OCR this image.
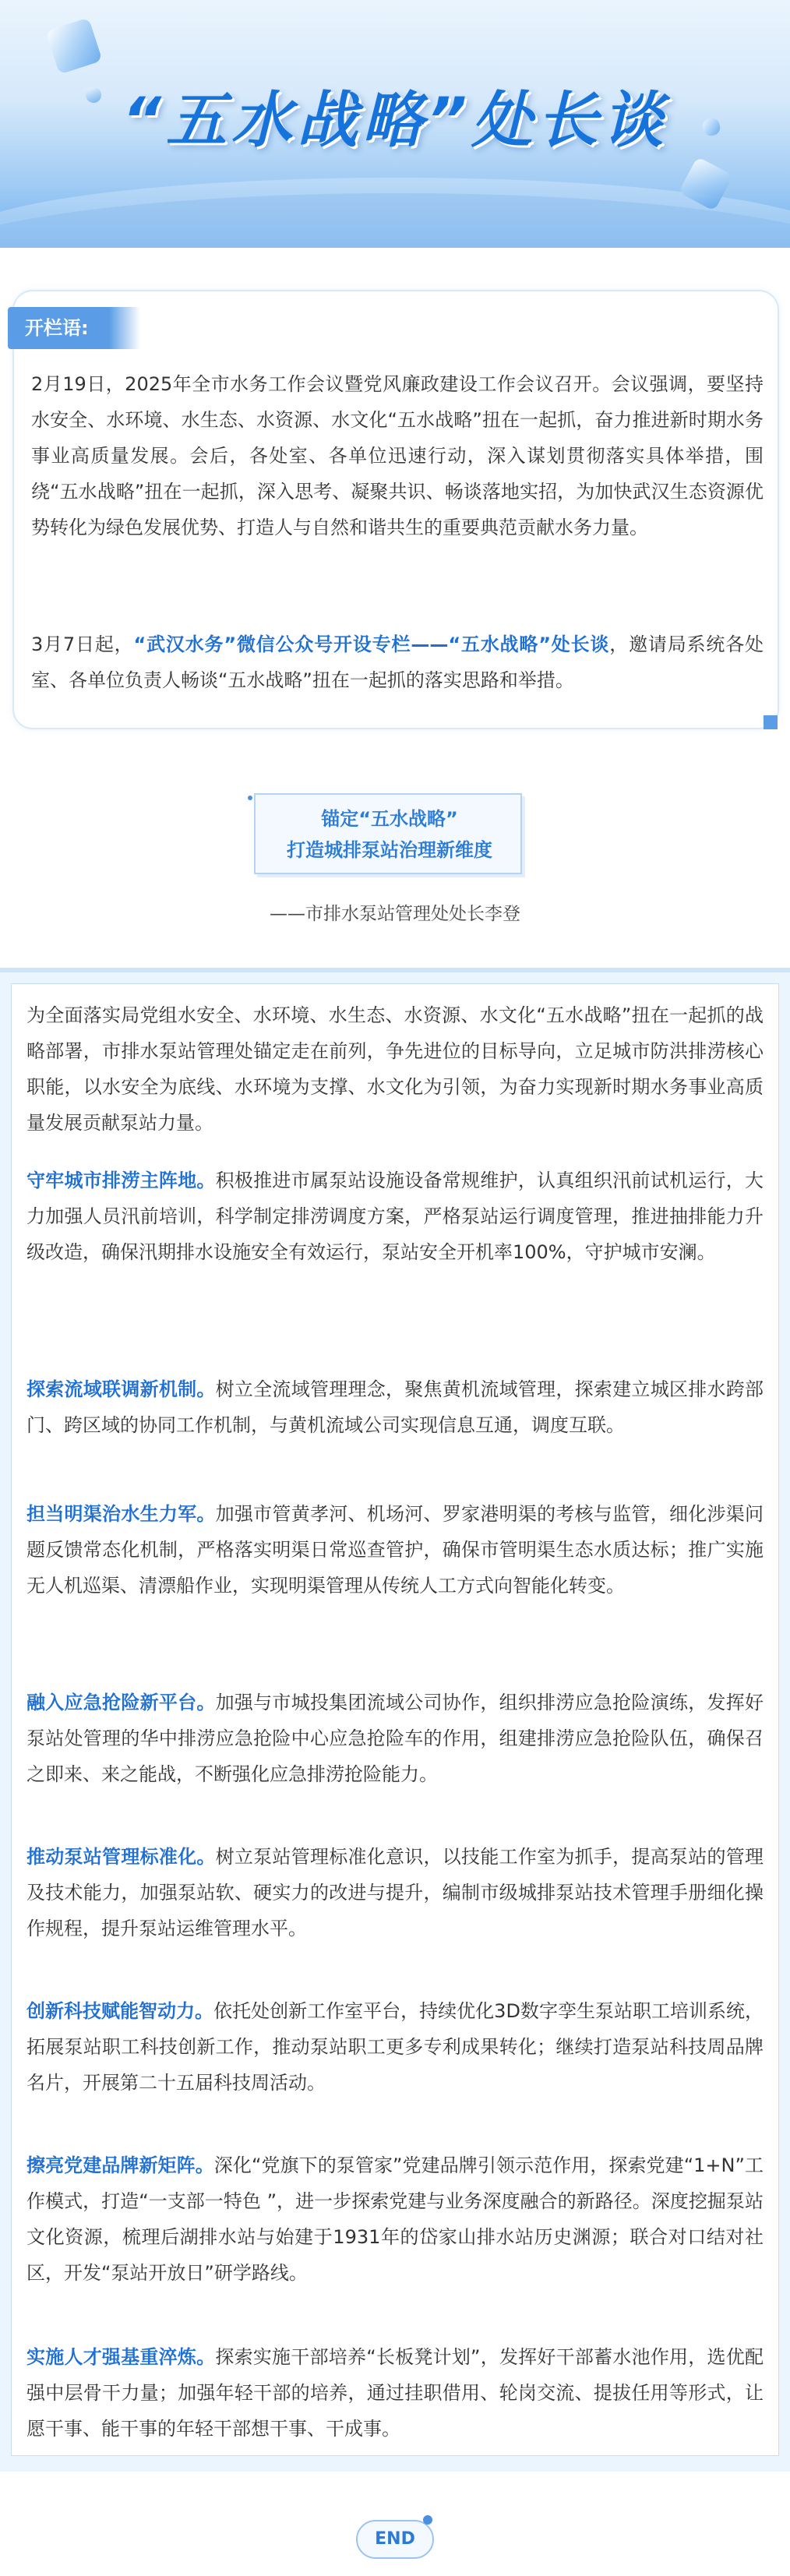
“五水战略”处长谈
开栏语:
2月19日，2025年全市水务工作会议暨党风廉政建设工作会议召开。会议强调，要坚持水安全、水环境、水生态、水资源、水文化“五水战略”扭在一起抓，奋力推进新时期水务事业高质量发展。会后，各处室、各单位迅速行动，深入谋划贯彻落实具体举措，围绕“五水战略”扭在一起抓，深入思考、凝聚共识、畅谈落地实招，为加快武汉生态资源优势转化为绿色发展优势、打造人与自然和谐共生的重要典范贡献水务力量。
3月7日起，“武汉水务”微信公众号开设专栏——“五水战略”处长谈，邀请局系统各处室、各单位负责人畅谈“五水战略”扭在一起抓的落实思路和举措。
锚定“五水战略”
打造城排泵站治理新维度
——市排水泵站管理处处长李登
为全面落实局党组水安全、水环境、水生态、水资源、水文化“五水战略”扭在一起抓的战略部署，市排水泵站管理处锚定走在前列，争先进位的目标导向，立足城市防洪排涝核心职能，以水安全为底线、水环境为支撑、水文化为引领，为奋力实现新时期水务事业高质量发展贡献泵站力量。
守牢城市排涝主阵地。积极推进市属泵站设施设备常规维护，认真组织汛前试机运行，大力加强人员汛前培训，科学制定排涝调度方案，严格泵站运行调度管理，推进抽排能力升级改造，确保汛期排水设施安全有效运行，泵站安全开机率100%，守护城市安澜。
探索流域联调新机制。树立全流域管理理念，聚焦黄机流域管理，探索建立城区排水跨部门、跨区域的协同工作机制，与黄机流域公司实现信息互通，调度互联。
担当明渠治水生力军。加强市管黄孝河、机场河、罗家港明渠的考核与监管，细化涉渠问题反馈常态化机制，严格落实明渠日常巡查管护，确保市管明渠生态水质达标；推广实施无人机巡渠、清漂船作业，实现明渠管理从传统人工方式向智能化转变。
融入应急抢险新平台。加强与市城投集团流域公司协作，组织排涝应急抢险演练，发挥好泵站处管理的华中排涝应急抢险中心应急抢险车的作用，组建排涝应急抢险队伍，确保召之即来、来之能战，不断强化应急排涝抢险能力。
推动泵站管理标准化。树立泵站管理标准化意识，以技能工作室为抓手，提高泵站的管理及技术能力，加强泵站软、硬实力的改进与提升，编制市级城排泵站技术管理手册细化操作规程，提升泵站运维管理水平。
创新科技赋能智动力。依托处创新工作室平台，持续优化3D数字孪生泵站职工培训系统，拓展泵站职工科技创新工作，推动泵站职工更多专利成果转化；继续打造泵站科技周品牌名片，开展第二十五届科技周活动。
擦亮党建品牌新矩阵。深化“党旗下的泵管家”党建品牌引领示范作用，探索党建“1+N”工作模式，打造“一支部一特色 ”，进一步探索党建与业务深度融合的新路径。深度挖掘泵站文化资源，梳理后湖排水站与始建于1931年的岱家山排水站历史渊源；联合对口结对社区，开发“泵站开放日”研学路线。
实施人才强基重淬炼。探索实施干部培养“长板凳计划”，发挥好干部蓄水池作用，选优配强中层骨干力量；加强年轻干部的培养，通过挂职借用、轮岗交流、提拔任用等形式，让愿干事、能干事的年轻干部想干事、干成事。
END
